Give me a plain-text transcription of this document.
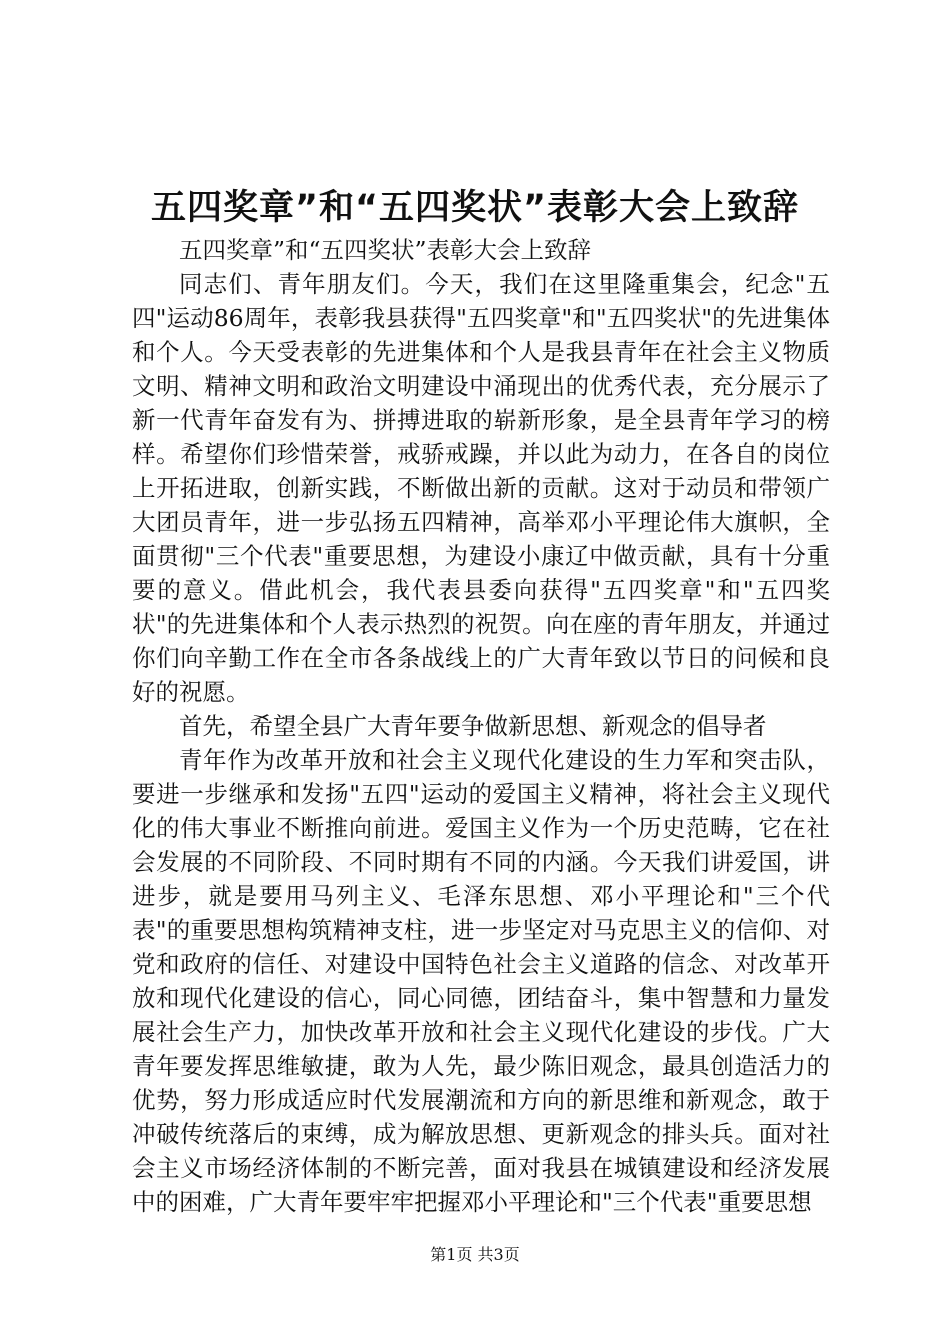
五四奖章”和“五四奖状”表彰大会上致辞

五四奖章”和“五四奖状”表彰大会上致辞

同志们、青年朋友们。今天，我们在这里隆重集会，纪念"五四"运动86周年，表彰我县获得"五四奖章"和"五四奖状"的先进集体和个人。今天受表彰的先进集体和个人是我县青年在社会主义物质文明、精神文明和政治文明建设中涌现出的优秀代表，充分展示了新一代青年奋发有为、拼搏进取的崭新形象，是全县青年学习的榜样。希望你们珍惜荣誉，戒骄戒躁，并以此为动力，在各自的岗位上开拓进取，创新实践，不断做出新的贡献。这对于动员和带领广大团员青年，进一步弘扬五四精神，高举邓小平理论伟大旗帜，全面贯彻"三个代表"重要思想，为建设小康辽中做贡献，具有十分重要的意义。借此机会，我代表县委向获得"五四奖章"和"五四奖状"的先进集体和个人表示热烈的祝贺。向在座的青年朋友，并通过你们向辛勤工作在全市各条战线上的广大青年致以节日的问候和良好的祝愿。

首先，希望全县广大青年要争做新思想、新观念的倡导者

青年作为改革开放和社会主义现代化建设的生力军和突击队，要进一步继承和发扬"五四"运动的爱国主义精神，将社会主义现代化的伟大事业不断推向前进。爱国主义作为一个历史范畴，它在社会发展的不同阶段、不同时期有不同的内涵。今天我们讲爱国，讲进步，就是要用马列主义、毛泽东思想、邓小平理论和"三个代表"的重要思想构筑精神支柱，进一步坚定对马克思主义的信仰、对党和政府的信任、对建设中国特色社会主义道路的信念、对改革开放和现代化建设的信心，同心同德，团结奋斗，集中智慧和力量发展社会生产力，加快改革开放和社会主义现代化建设的步伐。广大青年要发挥思维敏捷，敢为人先，最少陈旧观念，最具创造活力的优势，努力形成适应时代发展潮流和方向的新思维和新观念，敢于冲破传统落后的束缚，成为解放思想、更新观念的排头兵。面对社会主义市场经济体制的不断完善，面对我县在城镇建设和经济发展中的困难，广大青年要牢牢把握邓小平理论和"三个代表"重要思想

第1页 共3页
